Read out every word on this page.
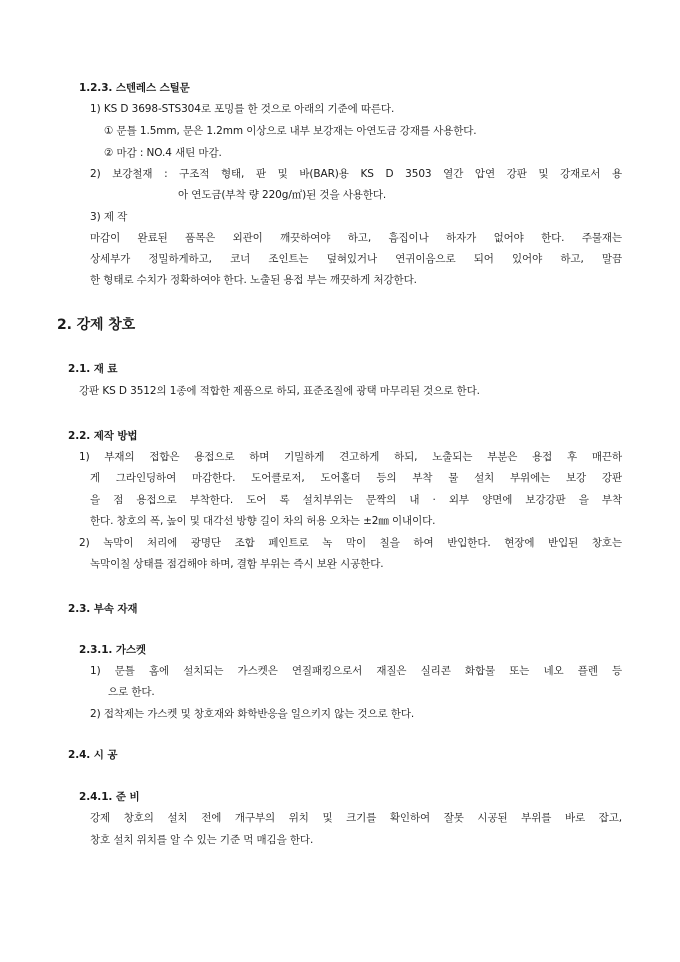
1.2.3. 스텐레스 스틸문
1) KS D 3698-STS304로 포밍를 한 것으로 아래의 기준에 따른다.
① 문틀 1.5mm, 문은 1.2mm 이상으로 내부 보강재는 아연도금 강재를 사용한다.
② 마감 : NO.4 새틴 마감.
2) 보강철재 : 구조적 형태, 판 및 바(BAR)용 KS D 3503 열간 압연 강판 및 강재로서 용
아 연도금(부착 량 220g/㎡)된 것을 사용한다.
3) 제 작
마감이 완료된 품목은 외관이 깨끗하여야 하고, 흠집이나 하자가 없어야 한다. 주물재는
상세부가 정밀하게하고, 코너 조인트는 덮혀있거나 연귀이음으로 되어 있어야 하고, 말끔
한 형태로 수치가 정확하여야 한다. 노출된 용접 부는 깨끗하게 처강한다.
2. 강제 창호
2.1. 재 료
강판 KS D 3512의 1종에 적합한 제품으로 하되, 표준조질에 광택 마무리된 것으로 한다.
2.2. 제작 방법
1) 부재의 접합은 용접으로 하며 기밀하게 견고하게 하되, 노출되는 부분은 용접 후 매끈하
게 그라인딩하여 마감한다. 도어클로저, 도어홀더 등의 부착 물 설치 부위에는 보강 강판
을 점 용접으로 부착한다. 도어 록 설치부위는 문짝의 내 · 외부 양면에 보강강판 을 부착
한다. 창호의 폭, 높이 및 대각선 방향 길이 차의 허용 오차는 ±2㎜ 이내이다.
2) 녹막이 처리에 광명단 조합 페인트로 녹 막이 칠을 하여 반입한다. 현장에 반입된 창호는
녹막이칠 상태를 점검해야 하며, 결함 부위는 즉시 보완 시공한다.
2.3. 부속 자재
2.3.1. 가스켓
1) 문틀 홈에 설치되는 가스켓은 연질패킹으로서 재질은 실리콘 화합물 또는 네오 플렌 등
으로 한다.
2) 접착제는 가스켓 및 창호재와 화학반응을 일으키지 않는 것으로 한다.
2.4. 시 공
2.4.1. 준 비
강제 창호의 설치 전에 개구부의 위치 및 크기를 확인하여 잘못 시공된 부위를 바로 잡고,
창호 설치 위치를 알 수 있는 기준 먹 매김을 한다.
